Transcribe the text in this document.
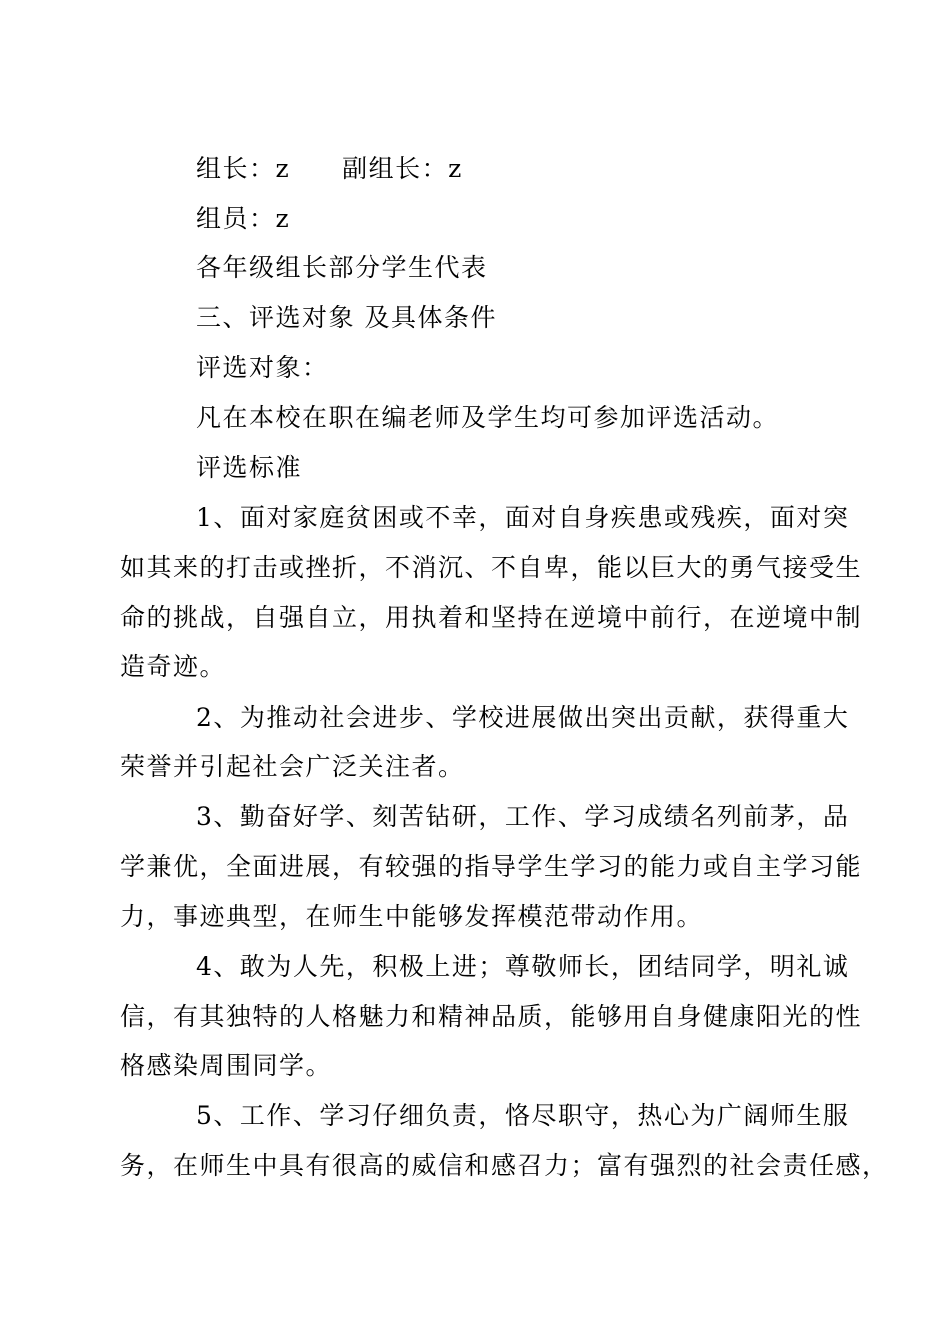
组长：z 副组长：z
组员：z
各年级组长部分学生代表
三、评选对象 及具体条件
评选对象：
凡在本校在职在编老师及学生均可参加评选活动。
评选标准
1、面对家庭贫困或不幸，面对自身疾患或残疾，面对突
如其来的打击或挫折，不消沉、不自卑，能以巨大的勇气接受生
命的挑战，自强自立，用执着和坚持在逆境中前行，在逆境中制
造奇迹。
2、为推动社会进步、学校进展做出突出贡献，获得重大
荣誉并引起社会广泛关注者。
3、勤奋好学、刻苦钻研，工作、学习成绩名列前茅，品
学兼优，全面进展，有较强的指导学生学习的能力或自主学习能
力，事迹典型，在师生中能够发挥模范带动作用。
4、敢为人先，积极上进；尊敬师长，团结同学，明礼诚
信，有其独特的人格魅力和精神品质，能够用自身健康阳光的性
格感染周围同学。
5、工作、学习仔细负责，恪尽职守，热心为广阔师生服
务，在师生中具有很高的威信和感召力；富有强烈的社会责任感，
